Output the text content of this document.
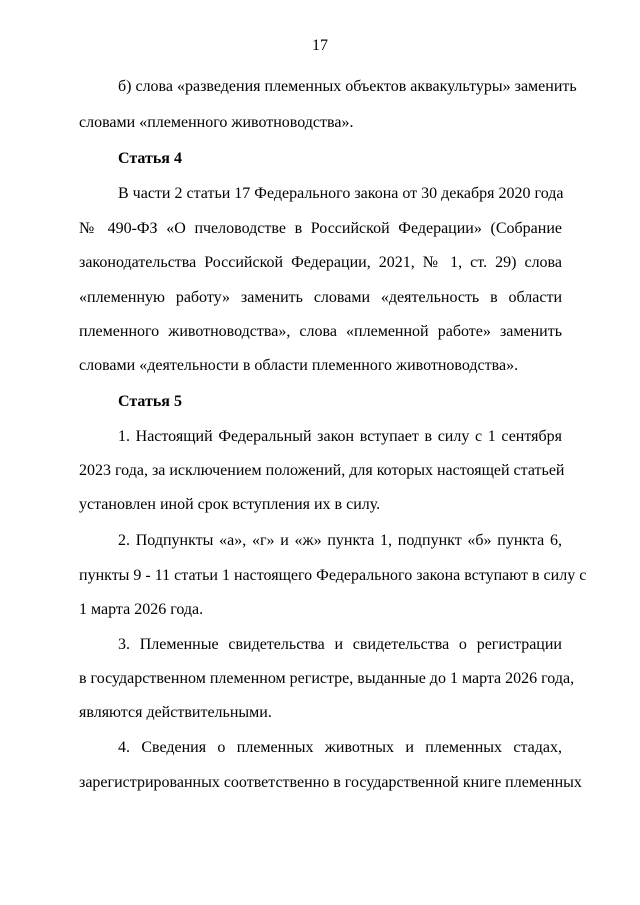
17
б) слова «разведения племенных объектов аквакультуры» заменить
словами «племенного животноводства».
Статья 4
В части 2 статьи 17 Федерального закона от 30 декабря 2020 года
№ 490-ФЗ «О пчеловодстве в Российской Федерации» (Собрание
законодательства Российской Федерации, 2021, № 1, ст. 29) слова
«племенную работу» заменить словами «деятельность в области
племенного животноводства», слова «племенной работе» заменить
словами «деятельности в области племенного животноводства».
Статья 5
1. Настоящий Федеральный закон вступает в силу с 1 сентября
2023 года, за исключением положений, для которых настоящей статьей
установлен иной срок вступления их в силу.
2. Подпункты «а», «г» и «ж» пункта 1, подпункт «б» пункта 6,
пункты 9 - 11 статьи 1 настоящего Федерального закона вступают в силу с
1 марта 2026 года.
3. Племенные свидетельства и свидетельства о регистрации
в государственном племенном регистре, выданные до 1 марта 2026 года,
являются действительными.
4. Сведения о племенных животных и племенных стадах,
зарегистрированных соответственно в государственной книге племенных
